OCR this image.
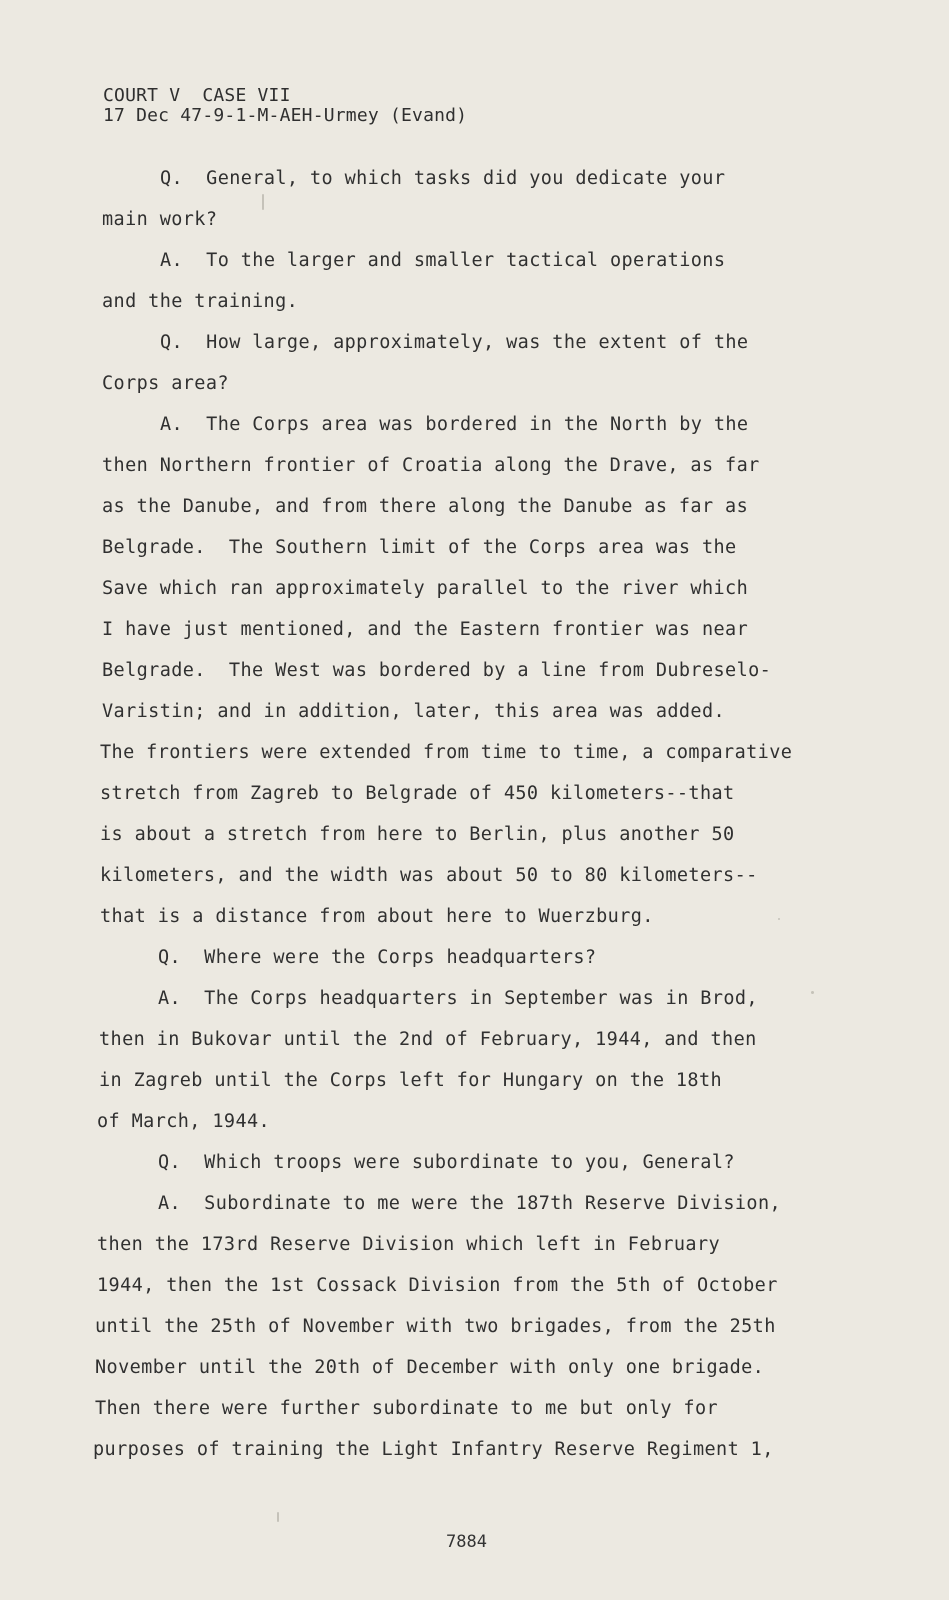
COURT V  CASE VII
17 Dec 47-9-1-M-AEH-Urmey (Evand)
Q.  General, to which tasks did you dedicate your
main work?
A.  To the larger and smaller tactical operations
and the training.
Q.  How large, approximately, was the extent of the
Corps area?
A.  The Corps area was bordered in the North by the
then Northern frontier of Croatia along the Drave, as far
as the Danube, and from there along the Danube as far as
Belgrade.  The Southern limit of the Corps area was the
Save which ran approximately parallel to the river which
I have just mentioned, and the Eastern frontier was near
Belgrade.  The West was bordered by a line from Dubreselo-
Varistin; and in addition, later, this area was added.
The frontiers were extended from time to time, a comparative
stretch from Zagreb to Belgrade of 450 kilometers--that
is about a stretch from here to Berlin, plus another 50
kilometers, and the width was about 50 to 80 kilometers--
that is a distance from about here to Wuerzburg.
Q.  Where were the Corps headquarters?
A.  The Corps headquarters in September was in Brod,
then in Bukovar until the 2nd of February, 1944, and then
in Zagreb until the Corps left for Hungary on the 18th
of March, 1944.
Q.  Which troops were subordinate to you, General?
A.  Subordinate to me were the 187th Reserve Division,
then the 173rd Reserve Division which left in February
1944, then the 1st Cossack Division from the 5th of October
until the 25th of November with two brigades, from the 25th
November until the 20th of December with only one brigade.
Then there were further subordinate to me but only for
purposes of training the Light Infantry Reserve Regiment 1,
7884
